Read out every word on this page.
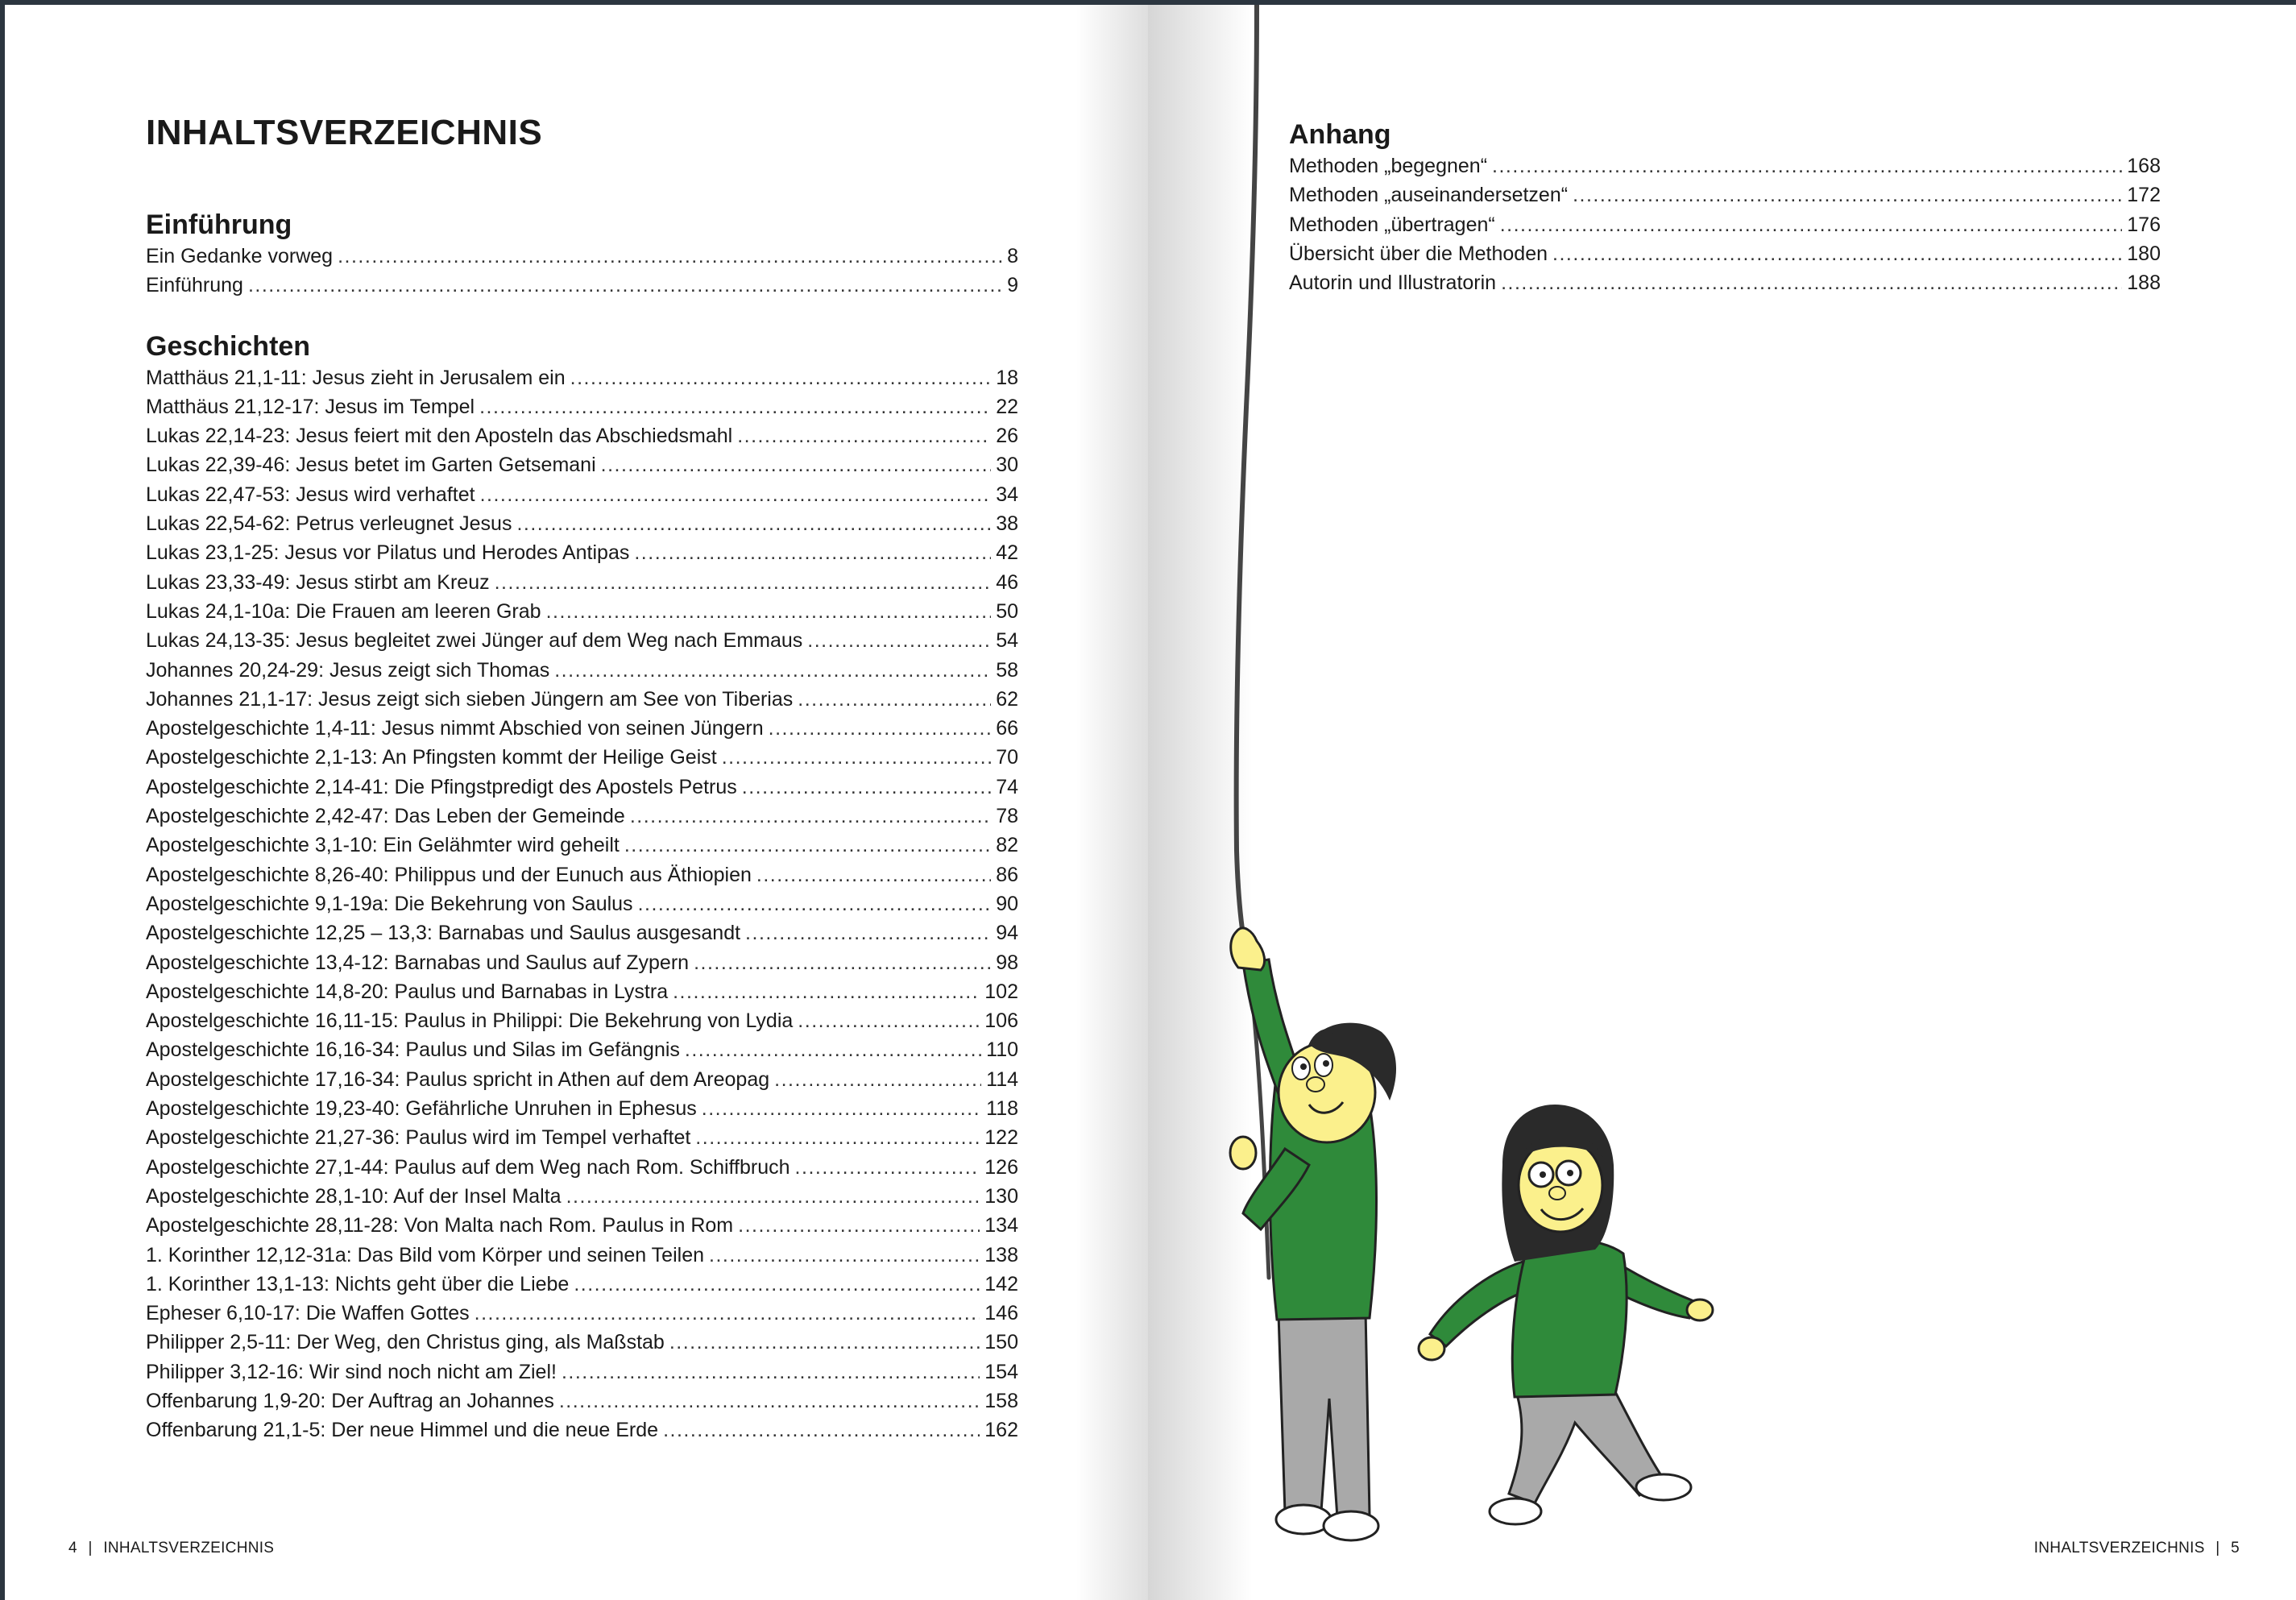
INHALTSVERZEICHNIS
Einführung
Ein Gedanke vorweg .....	8
Einführung .....	9
Geschichten
Matthäus 21,1-11: Jesus zieht in Jerusalem ein .....	18
Matthäus 21,12-17: Jesus im Tempel .....	22
Lukas 22,14-23: Jesus feiert mit den Aposteln das Abschiedsmahl .....	26
Lukas 22,39-46: Jesus betet im Garten Getsemani .....	30
Lukas 22,47-53: Jesus wird verhaftet .....	34
Lukas 22,54-62: Petrus verleugnet Jesus .....	38
Lukas 23,1-25: Jesus vor Pilatus und Herodes Antipas .....	42
Lukas 23,33-49: Jesus stirbt am Kreuz .....	46
Lukas 24,1-10a: Die Frauen am leeren Grab .....	50
Lukas 24,13-35: Jesus begleitet zwei Jünger auf dem Weg nach Emmaus .....	54
Johannes 20,24-29: Jesus zeigt sich Thomas .....	58
Johannes 21,1-17: Jesus zeigt sich sieben Jüngern am See von Tiberias .....	62
Apostelgeschichte 1,4-11: Jesus nimmt Abschied von seinen Jüngern .....	66
Apostelgeschichte 2,1-13: An Pfingsten kommt der Heilige Geist .....	70
Apostelgeschichte 2,14-41: Die Pfingstpredigt des Apostels Petrus .....	74
Apostelgeschichte 2,42-47: Das Leben der Gemeinde .....	78
Apostelgeschichte 3,1-10: Ein Gelähmter wird geheilt .....	82
Apostelgeschichte 8,26-40: Philippus und der Eunuch aus Äthiopien .....	86
Apostelgeschichte 9,1-19a: Die Bekehrung von Saulus .....	90
Apostelgeschichte 12,25 – 13,3: Barnabas und Saulus ausgesandt .....	94
Apostelgeschichte 13,4-12: Barnabas und Saulus auf Zypern .....	98
Apostelgeschichte 14,8-20: Paulus und Barnabas in Lystra .....	102
Apostelgeschichte 16,11-15: Paulus in Philippi: Die Bekehrung von Lydia .....	106
Apostelgeschichte 16,16-34: Paulus und Silas im Gefängnis .....	110
Apostelgeschichte 17,16-34: Paulus spricht in Athen auf dem Areopag .....	114
Apostelgeschichte 19,23-40: Gefährliche Unruhen in Ephesus .....	118
Apostelgeschichte 21,27-36: Paulus wird im Tempel verhaftet .....	122
Apostelgeschichte 27,1-44: Paulus auf dem Weg nach Rom. Schiffbruch .....	126
Apostelgeschichte 28,1-10: Auf der Insel Malta .....	130
Apostelgeschichte 28,11-28: Von Malta nach Rom. Paulus in Rom .....	134
1. Korinther 12,12-31a: Das Bild vom Körper und seinen Teilen .....	138
1. Korinther 13,1-13: Nichts geht über die Liebe .....	142
Epheser 6,10-17: Die Waffen Gottes .....	146
Philipper 2,5-11: Der Weg, den Christus ging, als Maßstab .....	150
Philipper 3,12-16: Wir sind noch nicht am Ziel! .....	154
Offenbarung 1,9-20: Der Auftrag an Johannes .....	158
Offenbarung 21,1-5: Der neue Himmel und die neue Erde .....	162
4 | INHALTSVERZEICHNIS
Anhang
Methoden „begegnen“ .....	168
Methoden „auseinandersetzen“ .....	172
Methoden „übertragen“ .....	176
Übersicht über die Methoden .....	180
Autorin und Illustratorin .....	188
INHALTSVERZEICHNIS | 5
